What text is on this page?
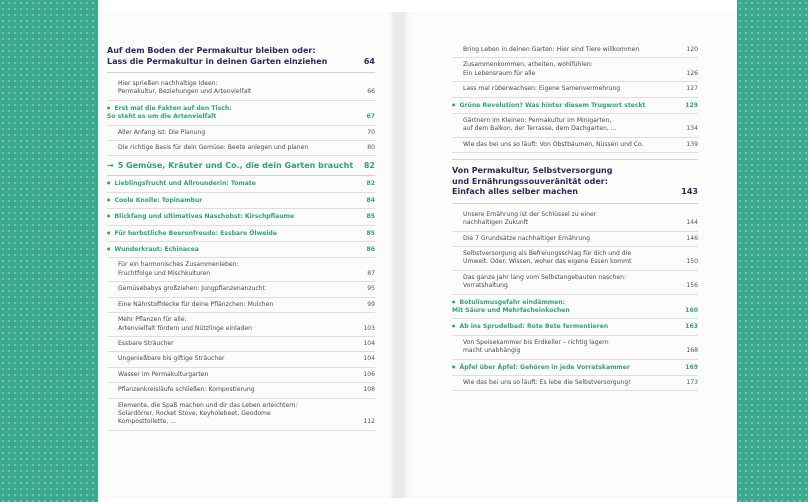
Auf dem Boden der Permakultur bleiben oder:
Lass die Permakultur in deinen Garten einziehen	64
Hier sprießen nachhaltige Ideen:
Permakultur, Beziehungen und Artenvielfalt	66
● Erst mal die Fakten auf den Tisch:
So steht es um die Artenvielfalt	67
Aller Anfang ist: Die Planung	70
Die richtige Basis für dein Gemüse: Beete anlegen und planen	80
→ 5 Gemüse, Kräuter und Co., die dein Garten braucht 82
● Lieblingsfrucht und Allrounderin: Tomate	82
● Coole Knolle: Topinambur	84
● Blickfang und ultimatives Naschobst: Kirschpflaume	85
● Für herbstliche Beerenfreude: Essbare Ölweide	85
● Wunderkraut: Echinacea	86
Für ein harmonisches Zusammenleben:
Fruchtfolge und Mischkulturen	87
Gemüsebabys großziehen: Jungpflanzenanzucht	95
Eine Nährstoffdecke für deine Pflänzchen: Mulchen	99
Mehr Pflanzen für alle:
Artenvielfalt fördern und Nützlinge einladen	103
Essbare Sträucher	104
Ungenießbare bis giftige Sträucher	104
Wasser im Permakulturgarten	106
Pflanzenkreisläufe schließen: Kompostierung	108
Elemente, die Spaß machen und dir das Leben erleichtern:
Solardörrer, Rocket Stove, Keyholebeet, Geodome
Komposttoilette, ...	112
Bring Leben in deinen Garten: Hier sind Tiere willkommen	120
Zusammenkommen, arbeiten, wohlfühlen:
Ein Lebensraum für alle	126
Lass mal rüberwachsen: Eigene Samenvermehrung	127
● Grüne Revolution? Was hinter diesem Trugwort steckt	129
Gärtnern im Kleinen: Permakultur im Minigarten,
auf dem Balkon, der Terrasse, dem Dachgarten, ...	134
Wie das bei uns so läuft: Von Obstbäumen, Nüssen und Co.	139
Von Permakultur, Selbstversorgung
und Ernährungssouveränität oder:
Einfach alles selber machen	143
Unsere Ernährung ist der Schlüssel zu einer
nachhaltigen Zukunft	144
Die 7 Grundsätze nachhaltiger Ernährung	146
Selbstversorgung als Befreiungsschlag für dich und die
Umwelt. Oder: Wissen, woher das eigene Essen kommt	150
Das ganze Jahr lang vom Selbstangebauten naschen:
Vorratshaltung	156
● Botulismusgefahr eindämmen:
Mit Säure und Mehrfacheinkochen	160
● Ab ins Sprudelbad: Rote Bete fermentieren	163
Von Speisekammer bis Erdkeller – richtig lagern
macht unabhängig	168
● Äpfel über Äpfel: Gehören in jede Vorratskammer	169
Wie das bei uns so läuft: Es lebe die Selbstversorgung!	173
